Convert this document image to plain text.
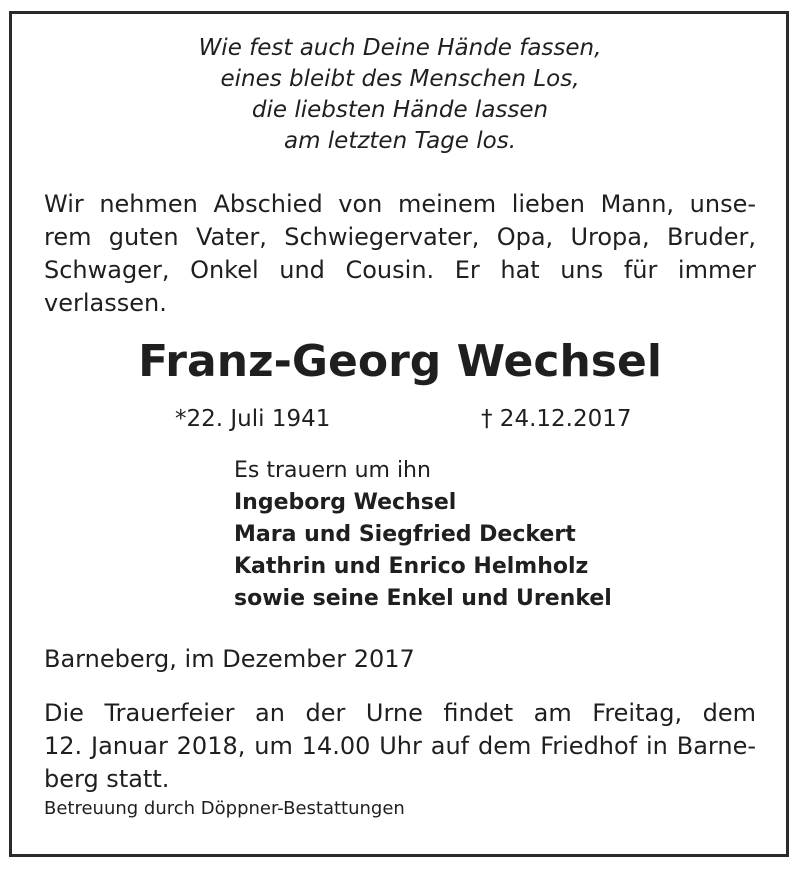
Wie fest auch Deine Hände fassen,
eines bleibt des Menschen Los,
die liebsten Hände lassen
am letzten Tage los.
Wir nehmen Abschied von meinem lieben Mann, unse-
rem guten Vater, Schwiegervater, Opa, Uropa, Bruder,
Schwager, Onkel und Cousin. Er hat uns für immer
verlassen.
Franz-Georg Wechsel
*22. Juli 1941	† 24.12.2017
Es trauern um ihn
Ingeborg Wechsel
Mara und Siegfried Deckert
Kathrin und Enrico Helmholz
sowie seine Enkel und Urenkel
Barneberg, im Dezember 2017
Die Trauerfeier an der Urne findet am Freitag, dem
12. Januar 2018, um 14.00 Uhr auf dem Friedhof in Barne-
berg statt.
Betreuung durch Döppner-Bestattungen
